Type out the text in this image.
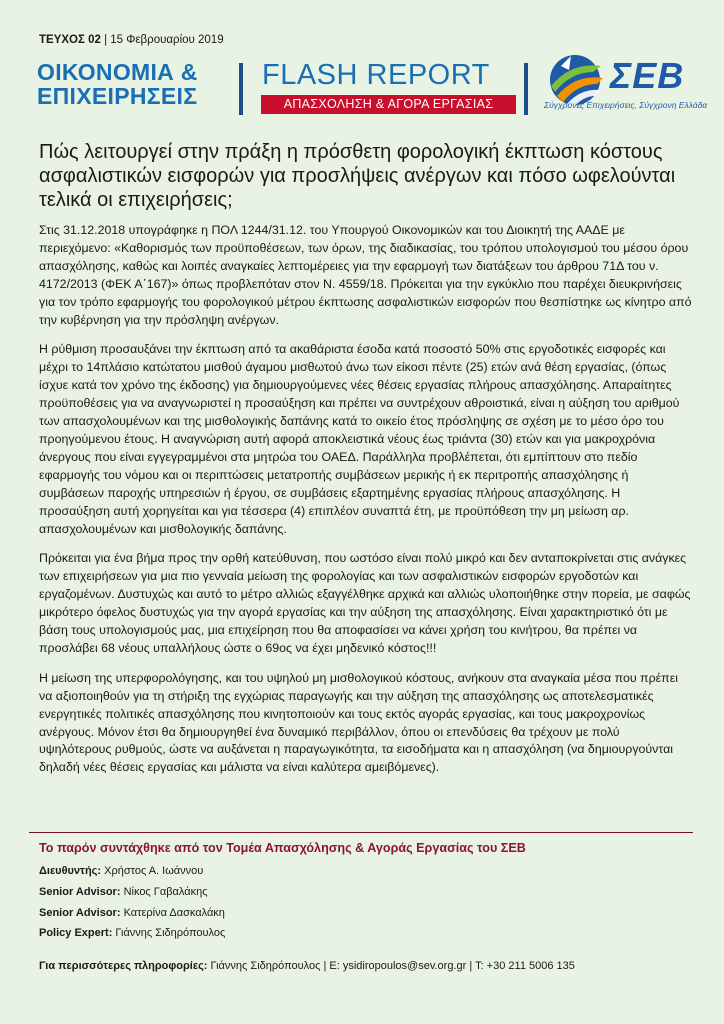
ΤΕΥΧΟΣ 02 | 15 Φεβρουαρίου 2019
ΟΙΚΟΝΟΜΙΑ &
ΕΠΙΧΕΙΡΗΣΕΙΣ
FLASH REPORT
ΑΠΑΣΧΟΛΗΣΗ & ΑΓΟΡΑ ΕΡΓΑΣΙΑΣ
ΣΕΒ
Σύγχρονες Επιχειρήσεις, Σύγχρονη Ελλάδα
Πώς λειτουργεί στην πράξη η πρόσθετη φορολογική έκπτωση κόστους ασφαλιστικών εισφορών για προσλήψεις ανέργων και πόσο ωφελούνται τελικά οι επιχειρήσεις;

Στις 31.12.2018 υπογράφηκε η ΠΟΛ 1244/31.12. του Υπουργού Οικονομικών και του Διοικητή της ΑΑΔΕ με περιεχόμενο: «Καθορισμός των προϋποθέσεων, των όρων, της διαδικασίας, του τρόπου υπολογισμού του μέσου όρου απασχόλησης, καθώς και λοιπές αναγκαίες λεπτομέρειες για την εφαρμογή των διατάξεων του άρθρου 71Δ του ν. 4172/2013 (ΦΕΚ Α΄167)» όπως προβλεπόταν στον Ν. 4559/18. Πρόκειται για την εγκύκλιο που παρέχει διευκρινήσεις για τον τρόπο εφαρμογής του φορολογικού μέτρου έκπτωσης ασφαλιστικών εισφορών που θεσπίστηκε ως κίνητρο από την κυβέρνηση για την πρόσληψη ανέργων.

Η ρύθμιση προσαυξάνει την έκπτωση από τα ακαθάριστα έσοδα κατά ποσοστό 50% στις εργοδοτικές εισφορές και μέχρι το 14πλάσιο κατώτατου μισθού άγαμου μισθωτού άνω των είκοσι πέντε (25) ετών ανά θέση εργασίας, (όπως ίσχυε κατά τον χρόνο της έκδοσης) για δημιουργούμενες νέες θέσεις εργασίας πλήρους απασχόλησης. Απαραίτητες προϋποθέσεις για να αναγνωριστεί η προσαύξηση και πρέπει να συντρέχουν αθροιστικά, είναι η αύξηση του αριθμού των απασχολουμένων και της μισθολογικής δαπάνης κατά το οικείο έτος πρόσληψης σε σχέση με το μέσο όρο του προηγούμενου έτους. Η αναγνώριση αυτή αφορά αποκλειστικά νέους έως τριάντα (30) ετών και για μακροχρόνια άνεργους που είναι εγγεγραμμένοι στα μητρώα του ΟΑΕΔ. Παράλληλα προβλέπεται, ότι εμπίπτουν στο πεδίο εφαρμογής του νόμου και οι περιπτώσεις μετατροπής συμβάσεων μερικής ή εκ περιτροπής απασχόλησης ή συμβάσεων παροχής υπηρεσιών ή έργου, σε συμβάσεις εξαρτημένης εργασίας πλήρους απασχόλησης. Η προσαύξηση αυτή χορηγείται και για τέσσερα (4) επιπλέον συναπτά έτη, με προϋπόθεση την μη μείωση αρ. απασχολουμένων και μισθολογικής δαπάνης.

Πρόκειται για ένα βήμα προς την ορθή κατεύθυνση, που ωστόσο είναι πολύ μικρό και δεν ανταποκρίνεται στις ανάγκες των επιχειρήσεων για μια πιο γενναία μείωση της φορολογίας και των ασφαλιστικών εισφορών εργοδοτών και εργαζομένων. Δυστυχώς και αυτό το μέτρο αλλιώς εξαγγέλθηκε αρχικά και αλλιώς υλοποιήθηκε στην πορεία, με σαφώς μικρότερο όφελος δυστυχώς για την αγορά εργασίας και την αύξηση της απασχόλησης. Είναι χαρακτηριστικό ότι με βάση τους υπολογισμούς μας, μια επιχείρηση που θα αποφασίσει να κάνει χρήση του κινήτρου, θα πρέπει να προσλάβει 68 νέους υπαλλήλους ώστε ο 69ος να έχει μηδενικό κόστος!!!

Η μείωση της υπερφορολόγησης, και του υψηλού μη μισθολογικού κόστους, ανήκουν στα αναγκαία μέσα που πρέπει να αξιοποιηθούν για τη στήριξη της εγχώριας παραγωγής και την αύξηση της απασχόλησης ως αποτελεσματικές ενεργητικές πολιτικές απασχόλησης που κινητοποιούν και τους εκτός αγοράς εργασίας, και τους μακροχρονίως ανέργους. Μόνον έτσι θα δημιουργηθεί ένα δυναμικό περιβάλλον, όπου οι επενδύσεις θα τρέχουν με πολύ υψηλότερους ρυθμούς, ώστε να αυξάνεται η παραγωγικότητα, τα εισοδήματα και η απασχόληση (να δημιουργούνται δηλαδή νέες θέσεις εργασίας και μάλιστα να είναι καλύτερα αμειβόμενες).

Το παρόν συντάχθηκε από τον Τομέα Απασχόλησης & Αγοράς Εργασίας του ΣΕΒ
Διευθυντής: Χρήστος Α. Ιωάννου
Senior Advisor: Νίκος Γαβαλάκης
Senior Advisor: Κατερίνα Δασκαλάκη
Policy Expert: Γιάννης Σιδηρόπουλος
Για περισσότερες πληροφορίες: Γιάννης Σιδηρόπουλος | E: ysidiropoulos@sev.org.gr | T: +30 211 5006 135
